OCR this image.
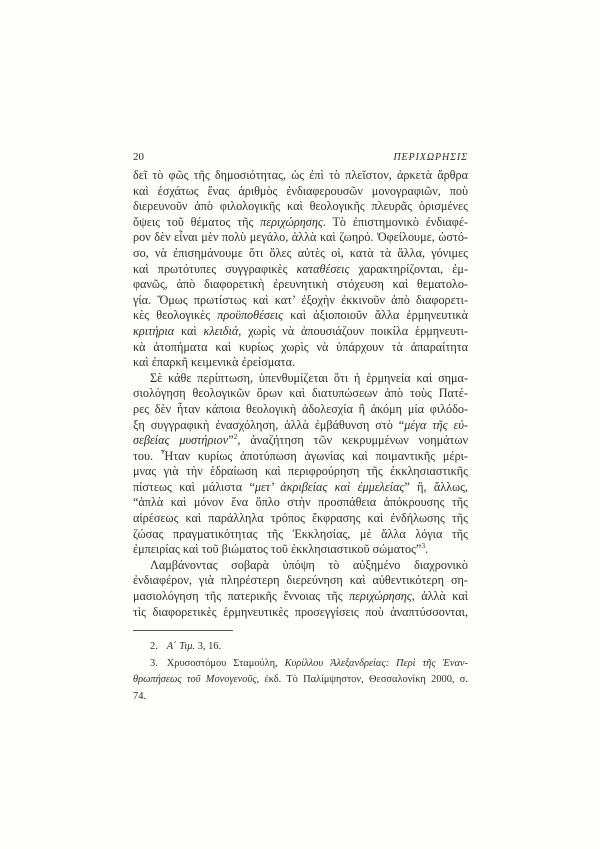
20	ΠΕΡΙΧΩΡΗΣΙΣ
δεῖ τὸ φῶς τῆς δημοσιότητας, ὡς ἐπὶ τὸ πλεῖστον, ἀρκετὰ ἄρθρα
καὶ ἐσχάτως ἕνας ἀριθμὸς ἐνδιαφερουσῶν μονογραφιῶν, ποὺ
διερευνοῦν ἀπὸ φιλολογικῆς καὶ θεολογικῆς πλευρᾶς ὁρισμένες
ὄψεις τοῦ θέματος τῆς περιχώρησης. Τὸ ἐπιστημονικὸ ἐνδιαφέ-
ρον δὲν εἶναι μὲν πολὺ μεγάλο, ἀλλὰ καὶ ζωηρό. Ὀφείλουμε, ὡστό-
σο, νὰ ἐπισημάνουμε ὅτι ὅλες αὐτὲς οἱ, κατὰ τὰ ἄλλα, γόνιμες
καὶ πρωτότυπες συγγραφικὲς καταθέσεις χαρακτηρίζονται, ἐμ-
φανῶς, ἀπὸ διαφορετικὴ ἐρευνητικὴ στόχευση καὶ θεματολο-
γία. Ὅμως πρωτίστως καὶ κατ’ ἐξοχὴν ἐκκινοῦν ἀπὸ διαφορετι-
κὲς θεολογικὲς προϋποθέσεις καὶ ἀξιοποιοῦν ἄλλα ἑρμηνευτικὰ
κριτήρια καὶ κλειδιά, χωρὶς νὰ ἀπουσιάζουν ποικίλα ἑρμηνευτι-
κὰ ἀτοπήματα καὶ κυρίως χωρὶς νὰ ὑπάρχουν τὰ ἀπαραίτητα
καὶ ἐπαρκῆ κειμενικὰ ἐρείσματα.
Σὲ κάθε περίπτωση, ὑπενθυμίζεται ὅτι ἡ ἑρμηνεία καὶ σημα-
σιολόγηση θεολογικῶν ὅρων καὶ διατυπώσεων ἀπὸ τοὺς Πατέ-
ρες δὲν ἦταν κάποια θεολογικὴ ἀδολεσχία ἢ ἀκόμη μία φιλόδο-
ξη συγγραφικὴ ἐνασχόληση, ἀλλὰ ἐμβάθυνση στὸ “μέγα τῆς εὐ-
σεβείας μυστήριον”$^2$, ἀναζήτηση τῶν κεκρυμμένων νοημάτων
του. Ἦταν κυρίως ἀποτύπωση ἀγωνίας καὶ ποιμαντικῆς μέρι-
μνας γιὰ τὴν ἑδραίωση καὶ περιφρούρηση τῆς ἐκκλησιαστικῆς
πίστεως καὶ μάλιστα “μετ’ ἀκριβείας καὶ ἐμμελείας” ἢ, ἄλλως,
“ἁπλὰ καὶ μόνον ἕνα ὅπλο στὴν προσπάθεια ἀπόκρουσης τῆς
αἱρέσεως καὶ παράλληλα τρόπος ἔκφρασης καὶ ἐνδήλωσης τῆς
ζώσας πραγματικότητας τῆς Ἐκκλησίας, μὲ ἄλλα λόγια τῆς
ἐμπειρίας καὶ τοῦ βιώματος τοῦ ἐκκλησιαστικοῦ σώματος”$^3$.
Λαμβάνοντας σοβαρὰ ὑπόψη τὸ αὐξημένο διαχρονικὸ
ἐνδιαφέρον, γιὰ πληρέστερη διερεύνηση καὶ αὐθεντικότερη ση-
μασιολόγηση τῆς πατερικῆς ἔννοιας τῆς περιχώρησης, ἀλλὰ καὶ
τὶς διαφορετικὲς ἑρμηνευτικὲς προσεγγίσεις ποὺ ἀναπτύσσονται,
2. Α΄ Τιμ. 3, 16.
3. Χρυσοστόμου Σταμούλη, Κυρίλλου Ἀλεξανδρείας: Περὶ τῆς Ἐναν-
θρωπήσεως τοῦ Μονογενοῦς, ἐκδ. Τὸ Παλίμψηστον, Θεσσαλονίκη 2000, σ.
74.
